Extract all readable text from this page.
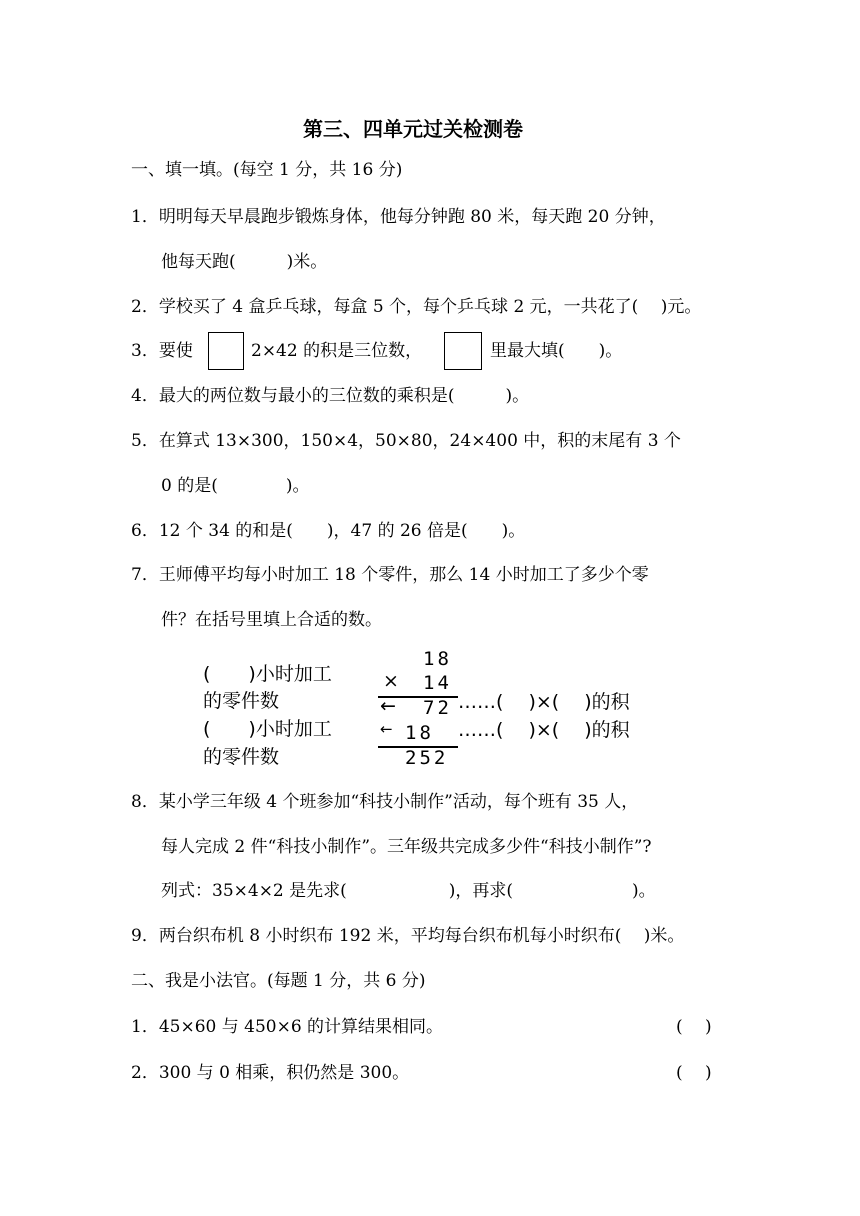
第三、四单元过关检测卷
一、填一填。(每空 1 分，共 16 分)
1．明明每天早晨跑步锻炼身体，他每分钟跑 80 米，每天跑 20 分钟，
他每天跑(　　　)米。
2．学校买了 4 盒乒乓球，每盒 5 个，每个乒乓球 2 元，一共花了(　 )元。
3．要使	2×42 的积是三位数，	里最大填(　　)。
4．最大的两位数与最小的三位数的乘积是(　　　)。
5．在算式 13×300，150×4，50×80，24×400 中，积的末尾有 3 个
0 的是(　　　　)。
6．12 个 34 的和是(　　)，47 的 26 倍是(　　)。
7．王师傅平均每小时加工 18 个零件，那么 14 小时加工了多少个零
件？在括号里填上合适的数。
(　　)小时加工
的零件数
(　　)小时加工
的零件数
18
× 14
← 72 ……(　 )×(　 )的积
← 18 ……(　 )×(　 )的积
252
8．某小学三年级 4 个班参加“科技小制作”活动，每个班有 35 人，
每人完成 2 件“科技小制作”。三年级共完成多少件“科技小制作”?
列式：35×4×2 是先求(　　　　　　)，再求(　　　　　　　)。
9．两台织布机 8 小时织布 192 米，平均每台织布机每小时织布(　 )米。
二、我是小法官。(每题 1 分，共 6 分)
1．45×60 与 450×6 的计算结果相同。	(　 )
2．300 与 0 相乘，积仍然是 300。	(　 )
